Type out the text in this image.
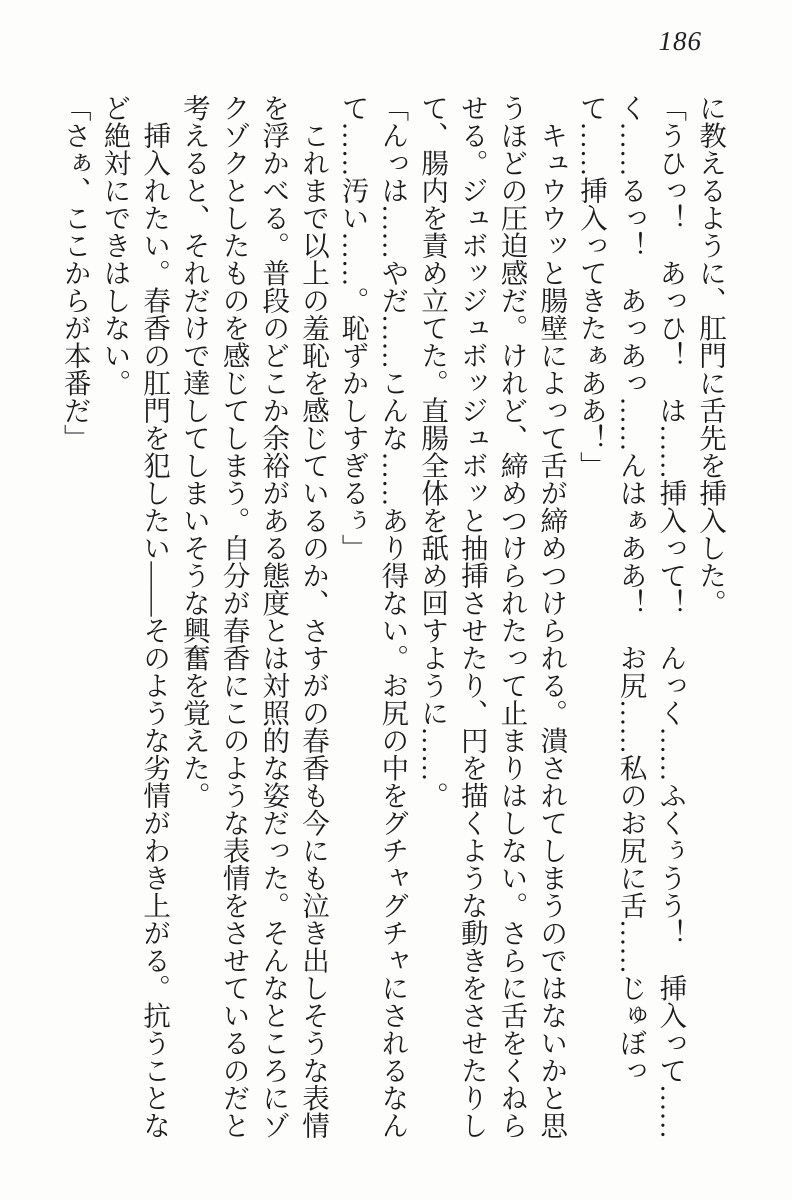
186

に教えるように、肛門に舌先を挿入した。

「うひっ！　あっひ！　は……挿入って！　んっく……ふくぅうう！　挿入って……く……るっ！　あっあっ……んはぁああ！　お尻……私のお尻に舌……じゅぼって……挿入ってきたぁああ！」

　キュウウッと腸壁によって舌が締めつけられる。潰されてしまうのではないかと思うほどの圧迫感だ。けれど、締めつけられたって止まりはしない。さらに舌をくねらせる。ジュボッジュボッジュボッと抽挿させたり、円を描くような動きをさせたりして、腸内を責め立てた。直腸全体を舐め回すように……。

「んっは……やだ……こんな……あり得ない。お尻の中をグチャグチャにされるなんて……汚い……。恥ずかしすぎるぅ」

　これまで以上の羞恥を感じているのか、さすがの春香も今にも泣き出しそうな表情を浮かべる。普段のどこか余裕がある態度とは対照的な姿だった。そんなところにゾクゾクとしたものを感じてしまう。自分が春香にこのような表情をさせているのだと考えると、それだけで達してしまいそうな興奮を覚えた。

　挿入れたい。春香の肛門を犯したい――そのような劣情がわき上がる。抗うことなど絶対にできはしない。

「さぁ、ここからが本番だ」
